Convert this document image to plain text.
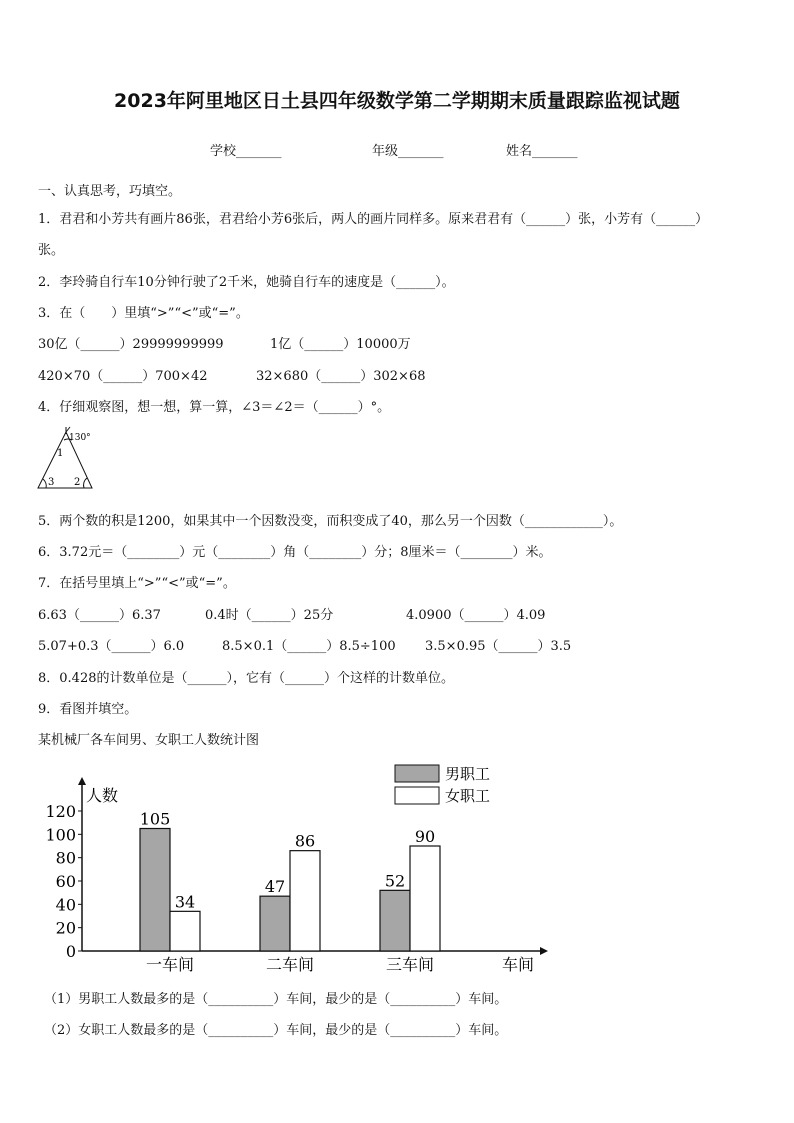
2023年阿里地区日土县四年级数学第二学期期末质量跟踪监视试题
学校_______	年级_______	姓名_______
一、认真思考，巧填空。
1．君君和小芳共有画片86张，君君给小芳6张后，两人的画片同样多。原来君君有（______）张，小芳有（______）
张。
2．李玲骑自行车10分钟行驶了2千米，她骑自行车的速度是（______）。
3．在（　　）里填“>”“<”或“=”。
30亿（______）29999999999	1亿（______）10000万
420×70（______）700×42	32×680（______）302×68
4．仔细观察图，想一想，算一算，∠3＝∠2＝（______）°。
130°
1
2
3
5．两个数的积是1200，如果其中一个因数没变，而积变成了40，那么另一个因数（____________）。
6．3.72元＝（________）元（________）角（________）分；8厘米＝（________）米。
7．在括号里填上“>”“<”或“=”。
6.63（______）6.37	0.4时（______）25分	4.0900（______）4.09
5.07+0.3（______）6.0	8.5×0.1（______）8.5÷100 3.5×0.95（______）3.5
8．0.428的计数单位是（______），它有（______）个这样的计数单位。
9．看图并填空。
某机械厂各车间男、女职工人数统计图
人数
车间
0
20
40
60
80
100
120	105
34
一车间
47
86
二车间
52
90
三车间
男职工
女职工
（1）男职工人数最多的是（__________）车间，最少的是（__________）车间。
（2）女职工人数最多的是（__________）车间，最少的是（__________）车间。
